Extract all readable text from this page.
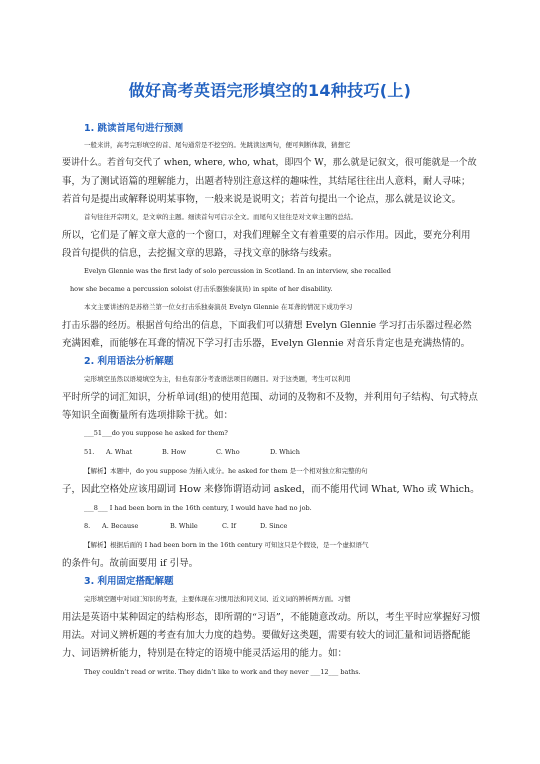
做好高考英语完形填空的14种技巧(上)
1. 跳读首尾句进行预测
一般来讲，高考完形填空的首、尾句通常是不挖空的。先跳读这两句，便可判断体裁，猜想它
要讲什么。若首句交代了 when, where, who, what，即四个 W，那么就是记叙文，很可能就是一个故
事，为了测试语篇的理解能力，出题者特别注意这样的趣味性，其结尾往往出人意料，耐人寻味；
若首句是提出或解释说明某事物，一般来说是说明文；若首句提出一个论点，那么就是议论文。
首句往往开宗明义，是文章的主题。细读首句可启示全文。而尾句又往往是对文章主题的总结。
所以，它们是了解文章大意的一个窗口，对我们理解全文有着重要的启示作用。因此，要充分利用
段首句提供的信息，去挖掘文章的思路，寻找文章的脉络与线索。
Evelyn Glennie was the first lady of solo percussion in Scotland. In an interview, she recalled
how she became a percussion soloist (打击乐器独奏演员) in spite of her disability.
本文主要讲述的是苏格兰第一位女打击乐独奏演员 Evelyn Glennie 在耳聋的情况下成功学习
打击乐器的经历。根据首句给出的信息，下面我们可以猜想 Evelyn Glennie 学习打击乐器过程必然
充满困难，而能够在耳聋的情况下学习打击乐器，Evelyn Glennie 对音乐肯定也是充满热情的。
2. 利用语法分析解题
完形填空虽然以语境填空为主，但也有部分考查语法项目的题目。对于这类题，考生可以利用
平时所学的词汇知识，分析单词(组)的使用范围、动词的及物和不及物，并利用句子结构、句式特点
等知识全面衡量所有选项排除干扰。如：
___51___do you suppose he asked for them?
51. A. What	B. How	C. Who	D. Which
【解析】本题中，do you suppose 为插入成分。he asked for them 是一个相对独立和完整的句
子，因此空格处应该用副词 How 来修饰谓语动词 asked，而不能用代词 What, Who 或 Which。
___8___ I had been born in the 16th century, I would have had no job.
8. A. Because	B. While	C. If	D. Since
【解析】根据后面的 I had been born in the 16th century 可知这只是个假设，是一个虚拟语气
的条件句。故前面要用 if 引导。
3. 利用固定搭配解题
完形填空题中对词汇知识的考查，主要体现在习惯用法和同义词、近义词的辨析两方面。习惯
用法是英语中某种固定的结构形态，即所谓的“习语”，不能随意改动。所以，考生平时应掌握好习惯
用法。对词义辨析题的考查有加大力度的趋势。要做好这类题，需要有较大的词汇量和词语搭配能
力、词语辨析能力，特别是在特定的语境中能灵活运用的能力。如：
They couldn’t read or write. They didn’t like to work and they never ___12___ baths.
